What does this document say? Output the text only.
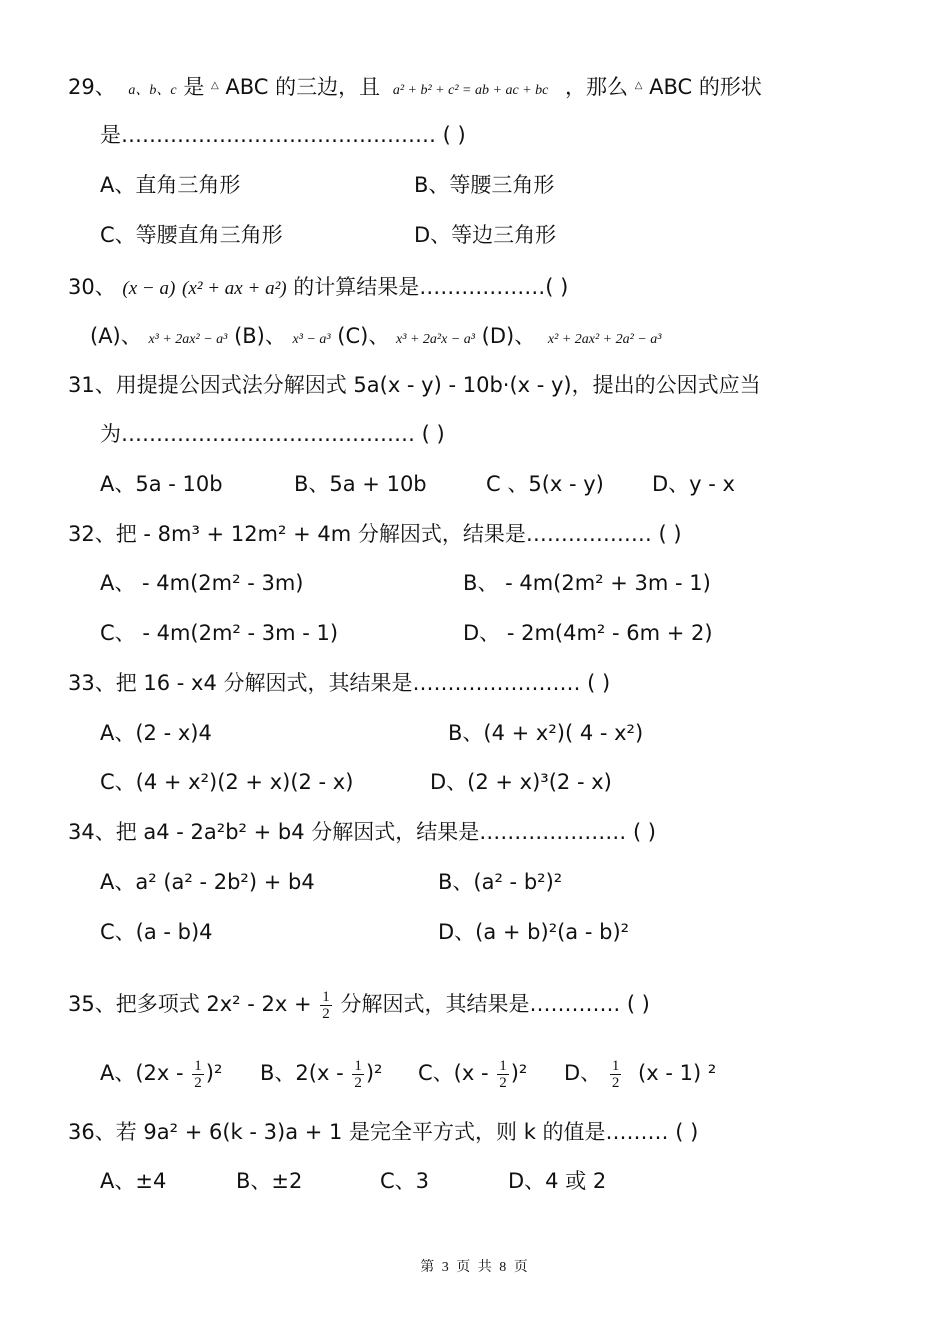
29、 a、b、c 是 △ ABC 的三边，且 a² + b² + c² = ab + ac + bc ，那么 △ ABC 的形状
是……………………………………… ( )
A、直角三角形	B、等腰三角形
C、等腰直角三角形	D、等边三角形
30、 (x − a) (x² + ax + a²) 的计算结果是………………( )
(A)、 x³ + 2ax² − a³ (B)、 x³ − a³ (C)、 x³ + 2a²x − a³ (D)、 x² + 2ax² + 2a² − a³
31、用提提公因式法分解因式 5a(x - y) - 10b·(x - y)，提出的公因式应当
为…………………………………… ( )
A、5a - 10b	B、5a + 10b	C 、5(x - y) D、y - x
32、把 - 8m³ + 12m² + 4m 分解因式，结果是……………… ( )
A、 - 4m(2m² - 3m)	B、 - 4m(2m² + 3m - 1)
C、 - 4m(2m² - 3m - 1)	D、 - 2m(4m² - 6m + 2)
33、把 16 - x4 分解因式，其结果是…………………… ( )
A、(2 - x)4	B、(4 + x²)( 4 - x²)
C、(4 + x²)(2 + x)(2 - x)	D、(2 + x)³(2 - x)
34、把 a4 - 2a²b² + b4 分解因式，结果是………………… ( )
A、a² (a² - 2b²) + b4	B、(a² - b²)²
C、(a - b)4	D、(a + b)²(a - b)²
35、把多项式 $2x^2 - 2x + \frac{1}{2}$ 分解因式，其结果是…………. ( )
A、$(2x - \frac{1}{2} )^2$ B、$2(x - \frac{1}{2} )^2$ C、$(x - \frac{1}{2} )^2$ D、 $\frac{1}{2} (x - 1)$ ²
36、若 9a² + 6(k - 3)a + 1 是完全平方式，则 k 的值是……… ( )
A、±4	B、±2	C、3	D、4 或 2
第 3 页 共 8 页
